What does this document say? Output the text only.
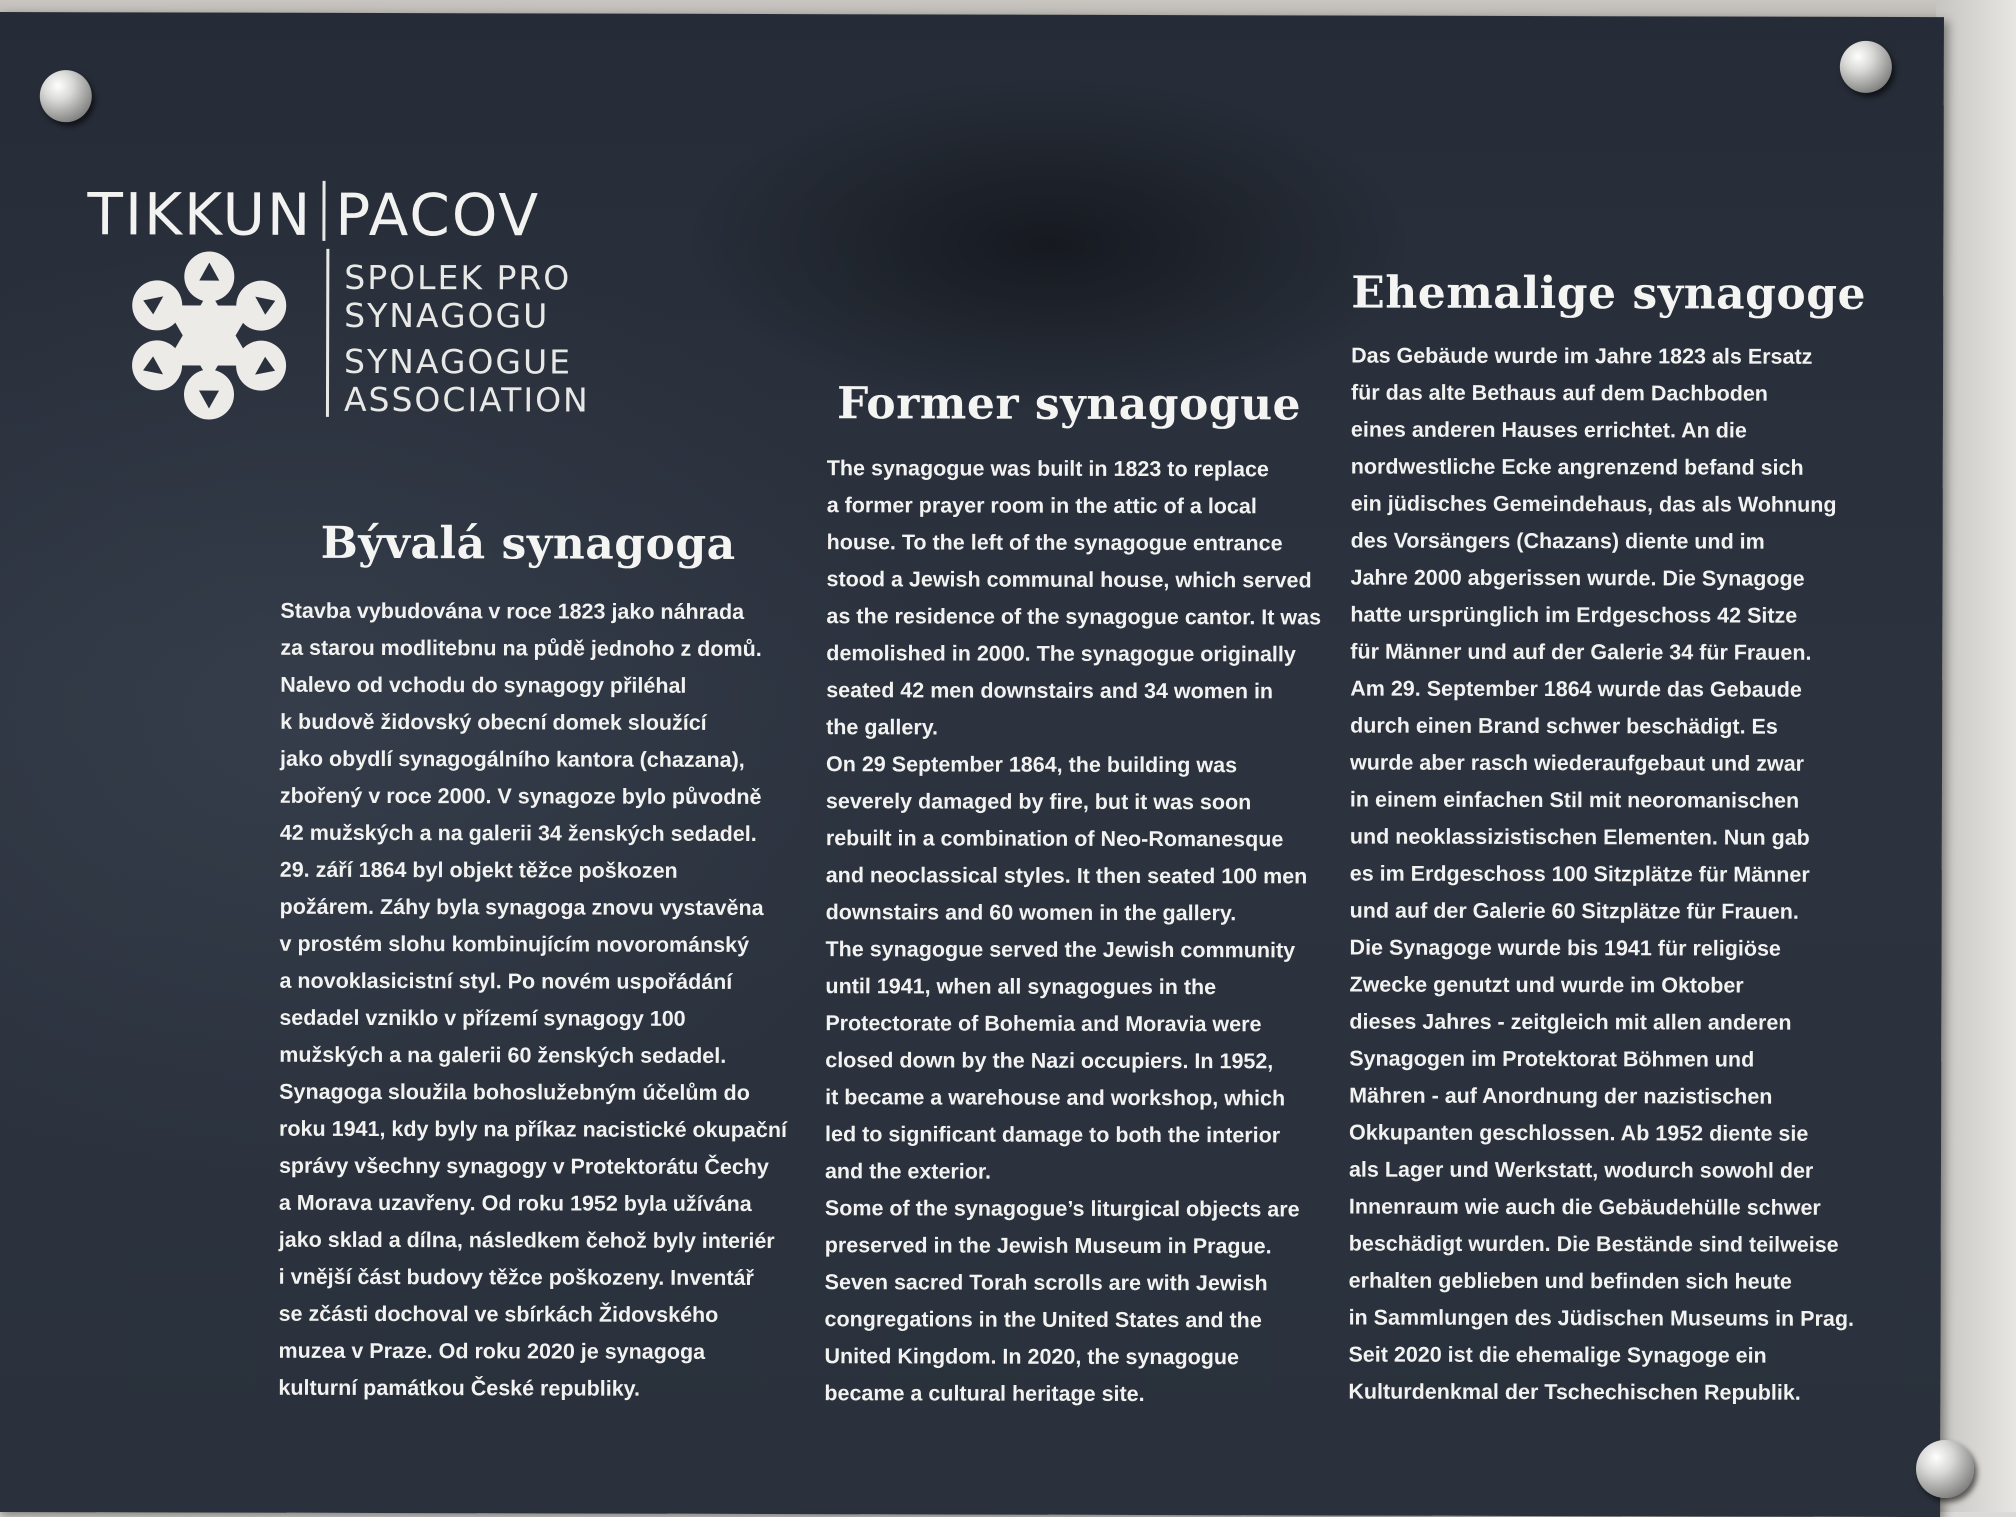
TIKKUN PACOV
SPOLEK PRO
SYNAGOGU
SYNAGOGUE
ASSOCIATION
Bývalá synagoga
Stavba vybudována v roce 1823 jako náhrada
za starou modlitebnu na půdě jednoho z domů.
Nalevo od vchodu do synagogy přiléhal
k budově židovský obecní domek sloužící
jako obydlí synagogálního kantora (chazana),
zbořený v roce 2000. V synagoze bylo původně
42 mužských a na galerii 34 ženských sedadel.
29. září 1864 byl objekt těžce poškozen
požárem. Záhy byla synagoga znovu vystavěna
v prostém slohu kombinujícím novorománský
a novoklasicistní styl. Po novém uspořádání
sedadel vzniklo v přízemí synagogy 100
mužských a na galerii 60 ženských sedadel.
Synagoga sloužila bohoslužebným účelům do
roku 1941, kdy byly na příkaz nacistické okupační
správy všechny synagogy v Protektorátu Čechy
a Morava uzavřeny. Od roku 1952 byla užívána
jako sklad a dílna, následkem čehož byly interiér
i vnější část budovy těžce poškozeny. Inventář
se zčásti dochoval ve sbírkách Židovského
muzea v Praze. Od roku 2020 je synagoga
kulturní památkou České republiky.
Former synagogue
The synagogue was built in 1823 to replace
a former prayer room in the attic of a local
house. To the left of the synagogue entrance
stood a Jewish communal house, which served
as the residence of the synagogue cantor. It was
demolished in 2000. The synagogue originally
seated 42 men downstairs and 34 women in
the gallery.
On 29 September 1864, the building was
severely damaged by fire, but it was soon
rebuilt in a combination of Neo-Romanesque
and neoclassical styles. It then seated 100 men
downstairs and 60 women in the gallery.
The synagogue served the Jewish community
until 1941, when all synagogues in the
Protectorate of Bohemia and Moravia were
closed down by the Nazi occupiers. In 1952,
it became a warehouse and workshop, which
led to significant damage to both the interior
and the exterior.
Some of the synagogue’s liturgical objects are
preserved in the Jewish Museum in Prague.
Seven sacred Torah scrolls are with Jewish
congregations in the United States and the
United Kingdom. In 2020, the synagogue
became a cultural heritage site.
Ehemalige synagoge
Das Gebäude wurde im Jahre 1823 als Ersatz
für das alte Bethaus auf dem Dachboden
eines anderen Hauses errichtet. An die
nordwestliche Ecke angrenzend befand sich
ein jüdisches Gemeindehaus, das als Wohnung
des Vorsängers (Chazans) diente und im
Jahre 2000 abgerissen wurde. Die Synagoge
hatte ursprünglich im Erdgeschoss 42 Sitze
für Männer und auf der Galerie 34 für Frauen.
Am 29. September 1864 wurde das Gebaude
durch einen Brand schwer beschädigt. Es
wurde aber rasch wiederaufgebaut und zwar
in einem einfachen Stil mit neoromanischen
und neoklassizistischen Elementen. Nun gab
es im Erdgeschoss 100 Sitzplätze für Männer
und auf der Galerie 60 Sitzplätze für Frauen.
Die Synagoge wurde bis 1941 für religiöse
Zwecke genutzt und wurde im Oktober
dieses Jahres - zeitgleich mit allen anderen
Synagogen im Protektorat Böhmen und
Mähren - auf Anordnung der nazistischen
Okkupanten geschlossen. Ab 1952 diente sie
als Lager und Werkstatt, wodurch sowohl der
Innenraum wie auch die Gebäudehülle schwer
beschädigt wurden. Die Bestände sind teilweise
erhalten geblieben und befinden sich heute
in Sammlungen des Jüdischen Museums in Prag.
Seit 2020 ist die ehemalige Synagoge ein
Kulturdenkmal der Tschechischen Republik.
